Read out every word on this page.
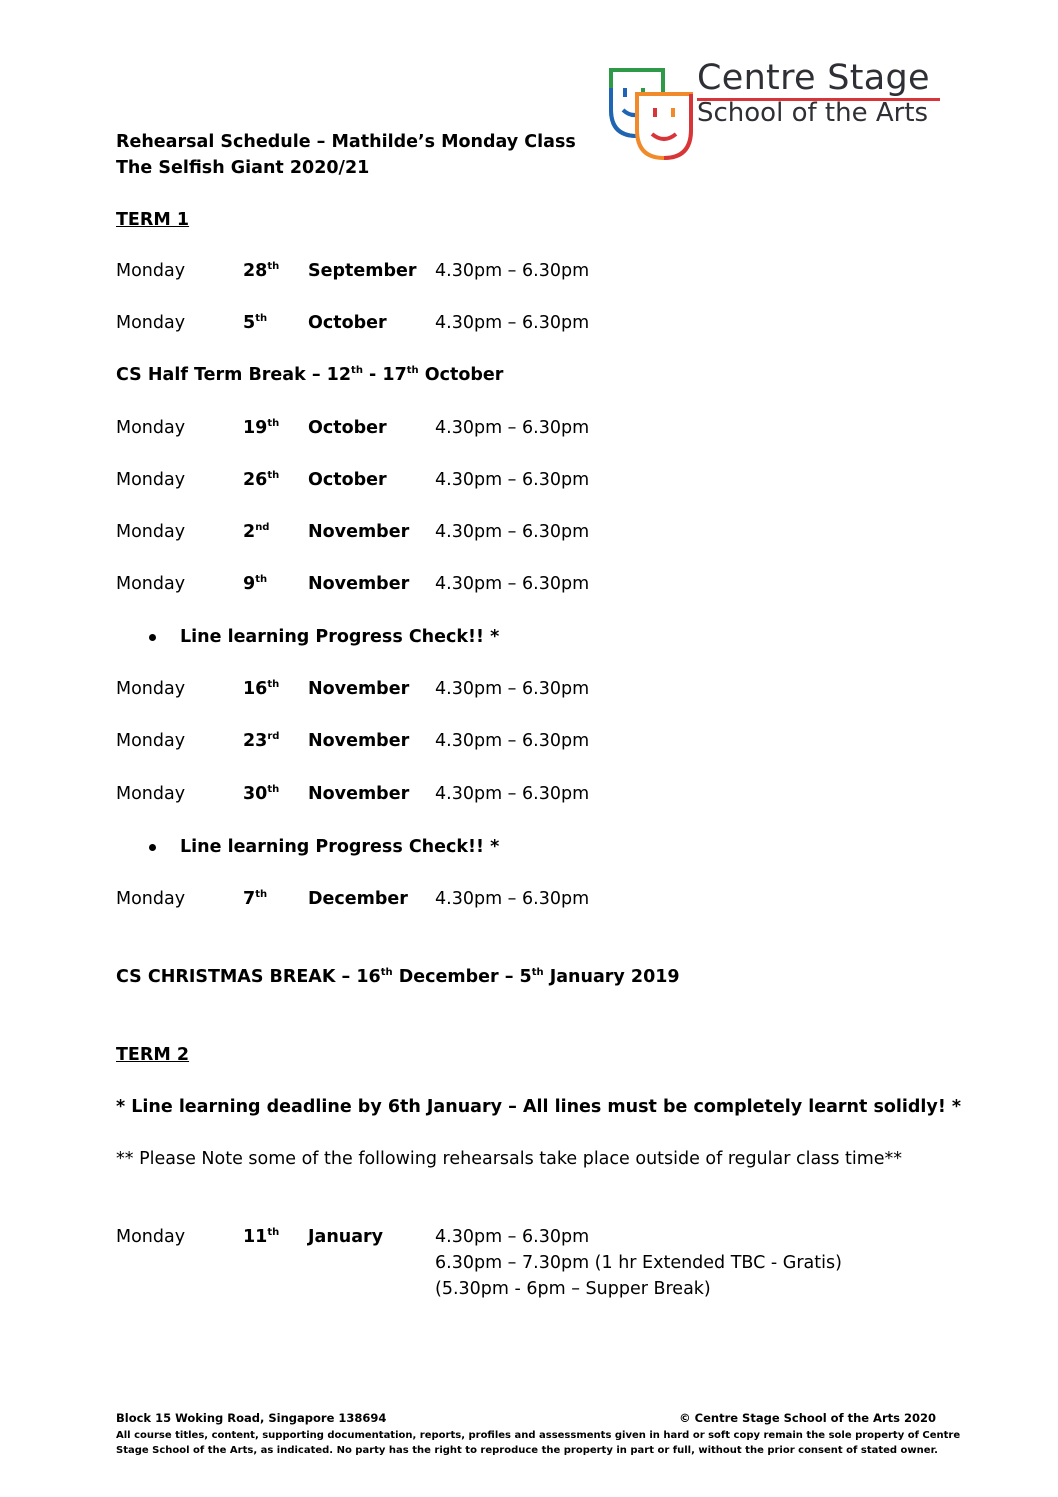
Centre Stage
School of the Arts
Rehearsal Schedule – Mathilde’s Monday Class
The Selfish Giant 2020/21
TERM 1
Monday	28th September 4.30pm – 6.30pm
Monday	5th October	4.30pm – 6.30pm
CS Half Term Break – 12th - 17th October
Monday	19th October	4.30pm – 6.30pm
Monday	26th October	4.30pm – 6.30pm
Monday	2nd November 4.30pm – 6.30pm
Monday	9th November 4.30pm – 6.30pm
Line learning Progress Check!! *
Monday	16th November 4.30pm – 6.30pm
Monday	23rd November 4.30pm – 6.30pm
Monday	30th November 4.30pm – 6.30pm
Line learning Progress Check!! *
Monday	7th December 4.30pm – 6.30pm
CS CHRISTMAS BREAK – 16th December – 5th January 2019
TERM 2
* Line learning deadline by 6th January – All lines must be completely learnt solidly! *
** Please Note some of the following rehearsals take place outside of regular class time**
Monday	11th January	4.30pm – 6.30pm
6.30pm – 7.30pm (1 hr Extended TBC - Gratis)
(5.30pm - 6pm – Supper Break)
Block 15 Woking Road, Singapore 138694	© Centre Stage School of the Arts 2020
All course titles, content, supporting documentation, reports, profiles and assessments given in hard or soft copy remain the sole property of Centre
Stage School of the Arts, as indicated. No party has the right to reproduce the property in part or full, without the prior consent of stated owner.
